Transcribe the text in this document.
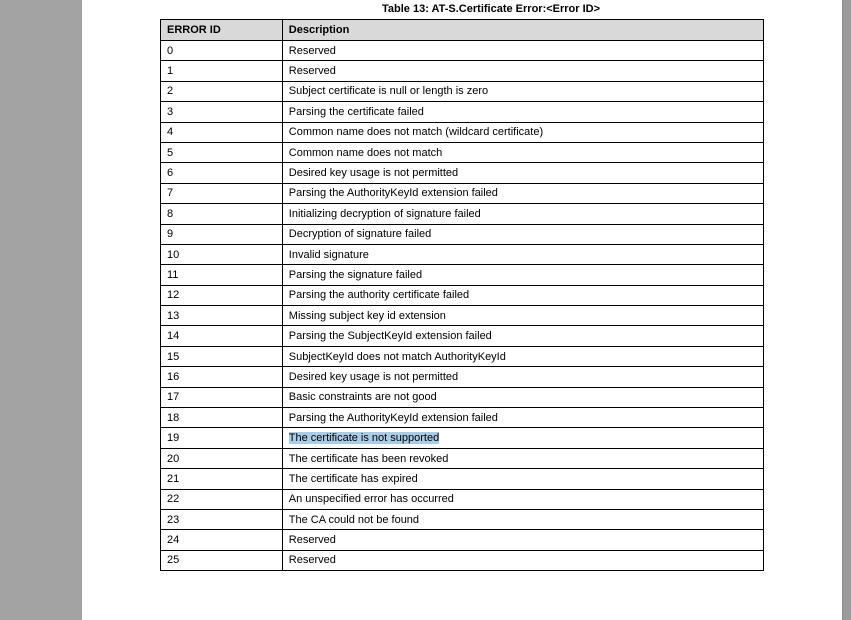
Table 13: AT-S.Certificate Error:<Error ID>
ERROR ID	Description
0	Reserved
1	Reserved
2	Subject certificate is null or length is zero
3	Parsing the certificate failed
4	Common name does not match (wildcard certificate)
5	Common name does not match
6	Desired key usage is not permitted
7	Parsing the AuthorityKeyId extension failed
8	Initializing decryption of signature failed
9	Decryption of signature failed
10	Invalid signature
11	Parsing the signature failed
12	Parsing the authority certificate failed
13	Missing subject key id extension
14	Parsing the SubjectKeyId extension failed
15	SubjectKeyId does not match AuthorityKeyId
16	Desired key usage is not permitted
17	Basic constraints are not good
18	Parsing the AuthorityKeyId extension failed
19	The certificate is not supported
20	The certificate has been revoked
21	The certificate has expired
22	An unspecified error has occurred
23	The CA could not be found
24	Reserved
25	Reserved
